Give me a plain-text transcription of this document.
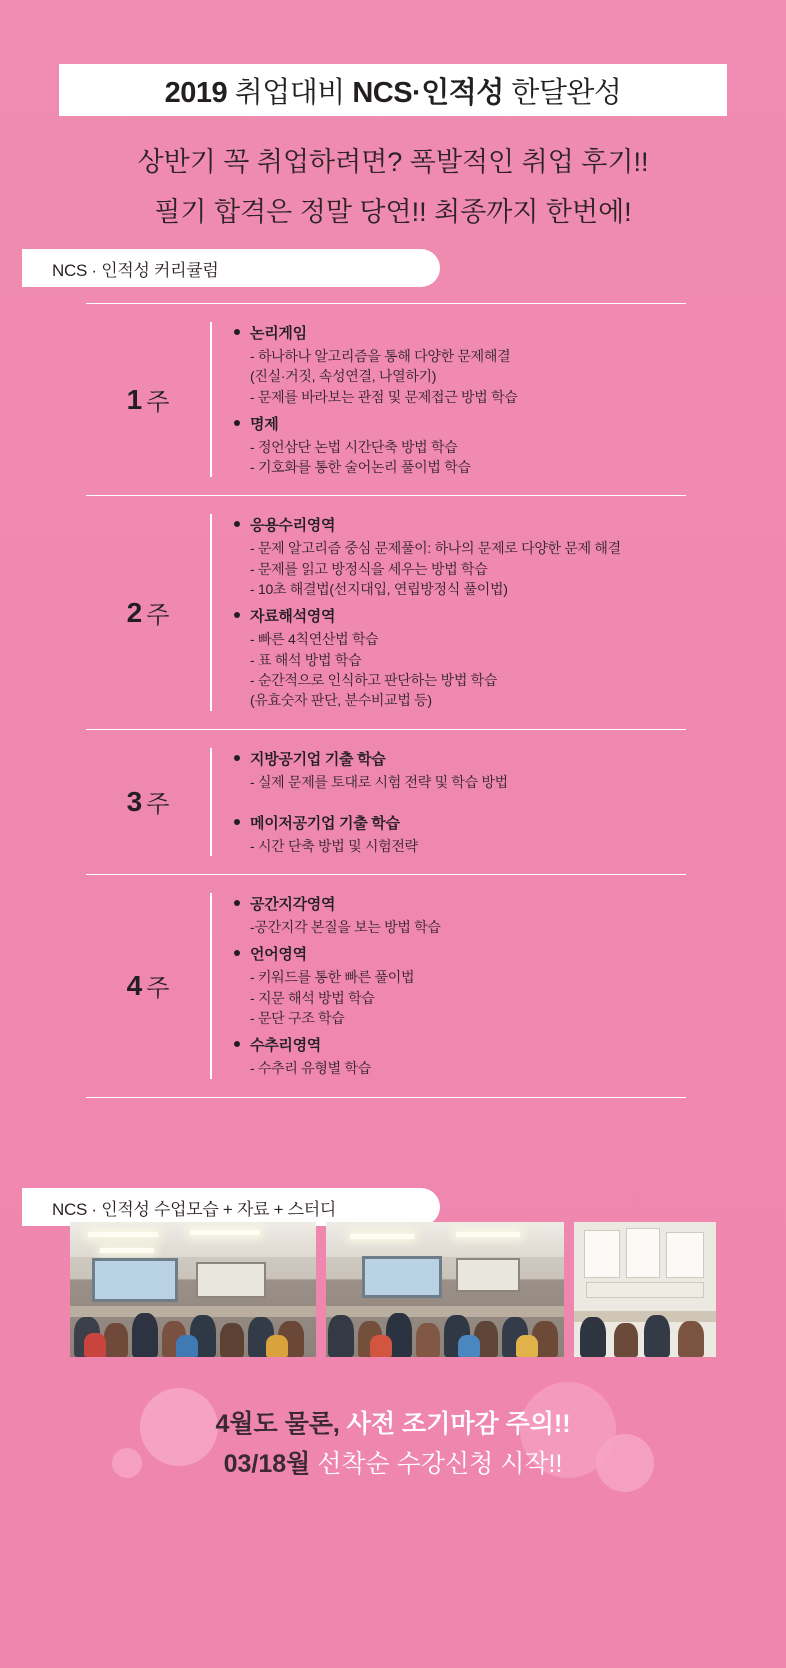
2019 취업대비 NCS·인적성 한달완성
상반기 꼭 취업하려면? 폭발적인 취업 후기!!
필기 합격은 정말 당연!! 최종까지 한번에!
NCS · 인적성 커리큘럼
1 주
논리게임
- 하나하나 알고리즘을 통해 다양한 문제해결
(진실·거짓, 속성연결, 나열하기)
- 문제를 바라보는 관점 및 문제접근 방법 학습
명제
- 정언삼단 논법 시간단축 방법 학습
- 기호화를 통한 술어논리 풀이법 학습
2 주
응용수리영역
- 문제 알고리즘 중심 문제풀이: 하나의 문제로 다양한 문제 해결
- 문제를 읽고 방정식을 세우는 방법 학습
- 10초 해결법(선지대입, 연립방정식 풀이법)
자료해석영역
- 빠른 4칙연산법 학습
- 표 해석 방법 학습
- 순간적으로 인식하고 판단하는 방법 학습
(유효숫자 판단, 분수비교법 등)
3 주
지방공기업 기출 학습
- 실제 문제를 토대로 시험 전략 및 학습 방법
메이저공기업 기출 학습
- 시간 단축 방법 및 시험전략
4 주
공간지각영역
-공간지각 본질을 보는 방법 학습
언어영역
- 키워드를 통한 빠른 풀이법
- 지문 해석 방법 학습
- 문단 구조 학습
수추리영역
- 수추리 유형별 학습
NCS · 인적성 수업모습 + 자료 + 스터디
4월도 물론, 사전 조기마감 주의!!
03/18월 선착순 수강신청 시작!!
